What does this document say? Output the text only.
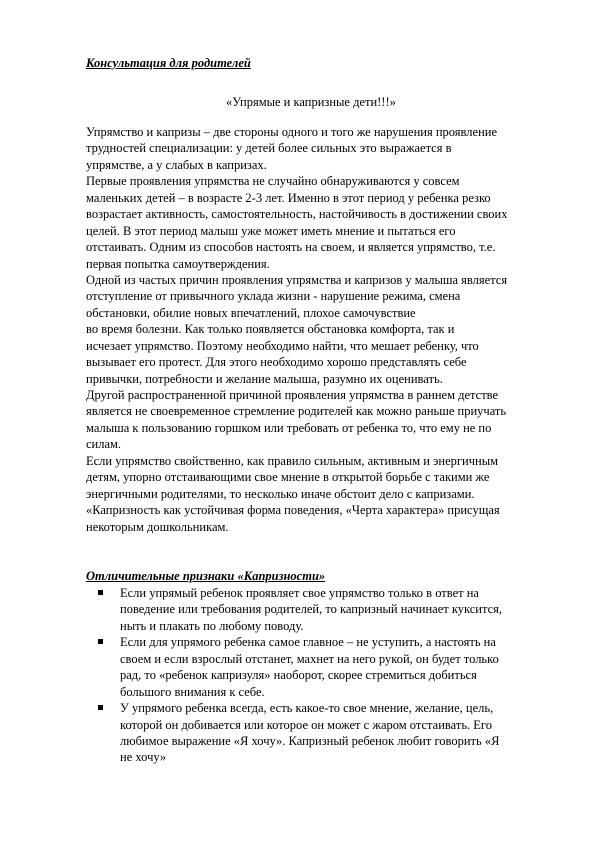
Консультация для родителей
«Упрямые и капризные дети!!!»
Упрямство и капризы – две стороны одного и того же нарушения проявление
трудностей специализации: у детей более сильных это выражается в
упрямстве, а у слабых в капризах.
Первые проявления упрямства не случайно обнаруживаются у совсем
маленьких детей – в возрасте 2-3 лет. Именно в этот период у ребенка резко
возрастает активность, самостоятельность, настойчивость в достижении своих
целей. В этот период малыш уже может иметь мнение и пытаться его
отстаивать. Одним из способов настоять на своем, и является упрямство, т.е.
первая попытка самоутверждения.
Одной из частых причин проявления упрямства и капризов у малыша является
отступление от привычного уклада жизни - нарушение режима, смена
обстановки, обилие новых впечатлений, плохое самочувствие
во время болезни. Как только появляется обстановка комфорта, так и
исчезает упрямство. Поэтому необходимо найти, что мешает ребенку, что
вызывает его протест. Для этого необходимо хорошо представлять себе
привычки, потребности и желание малыша, разумно их оценивать.
Другой распространенной причиной проявления упрямства в раннем детстве
является не своевременное стремление родителей как можно раньше приучать
малыша к пользованию горшком или требовать от ребенка то, что ему не по
силам.
Если упрямство свойственно, как правило сильным, активным и энергичным
детям, упорно отстаивающими свое мнение в открытой борьбе с такими же
энергичными родителями, то несколько иначе обстоит дело с капризами.
«Капризность как устойчивая форма поведения, «Черта характера» присущая
некоторым дошкольникам.
Отличительные признаки «Капризности»
Если упрямый ребенок проявляет свое упрямство только в ответ на
поведение или требования родителей, то капризный начинает куксится,
ныть и плакать по любому поводу.
Если для упрямого ребенка самое главное – не уступить, а настоять на
своем и если взрослый отстанет, махнет на него рукой, он будет только
рад, то «ребенок капризуля» наоборот, скорее стремиться добиться
большого внимания к себе.
У упрямого ребенка всегда, есть какое-то свое мнение, желание, цель,
которой он добивается или которое он может с жаром отстаивать. Его
любимое выражение «Я хочу». Капризный ребенок любит говорить «Я
не хочу»
